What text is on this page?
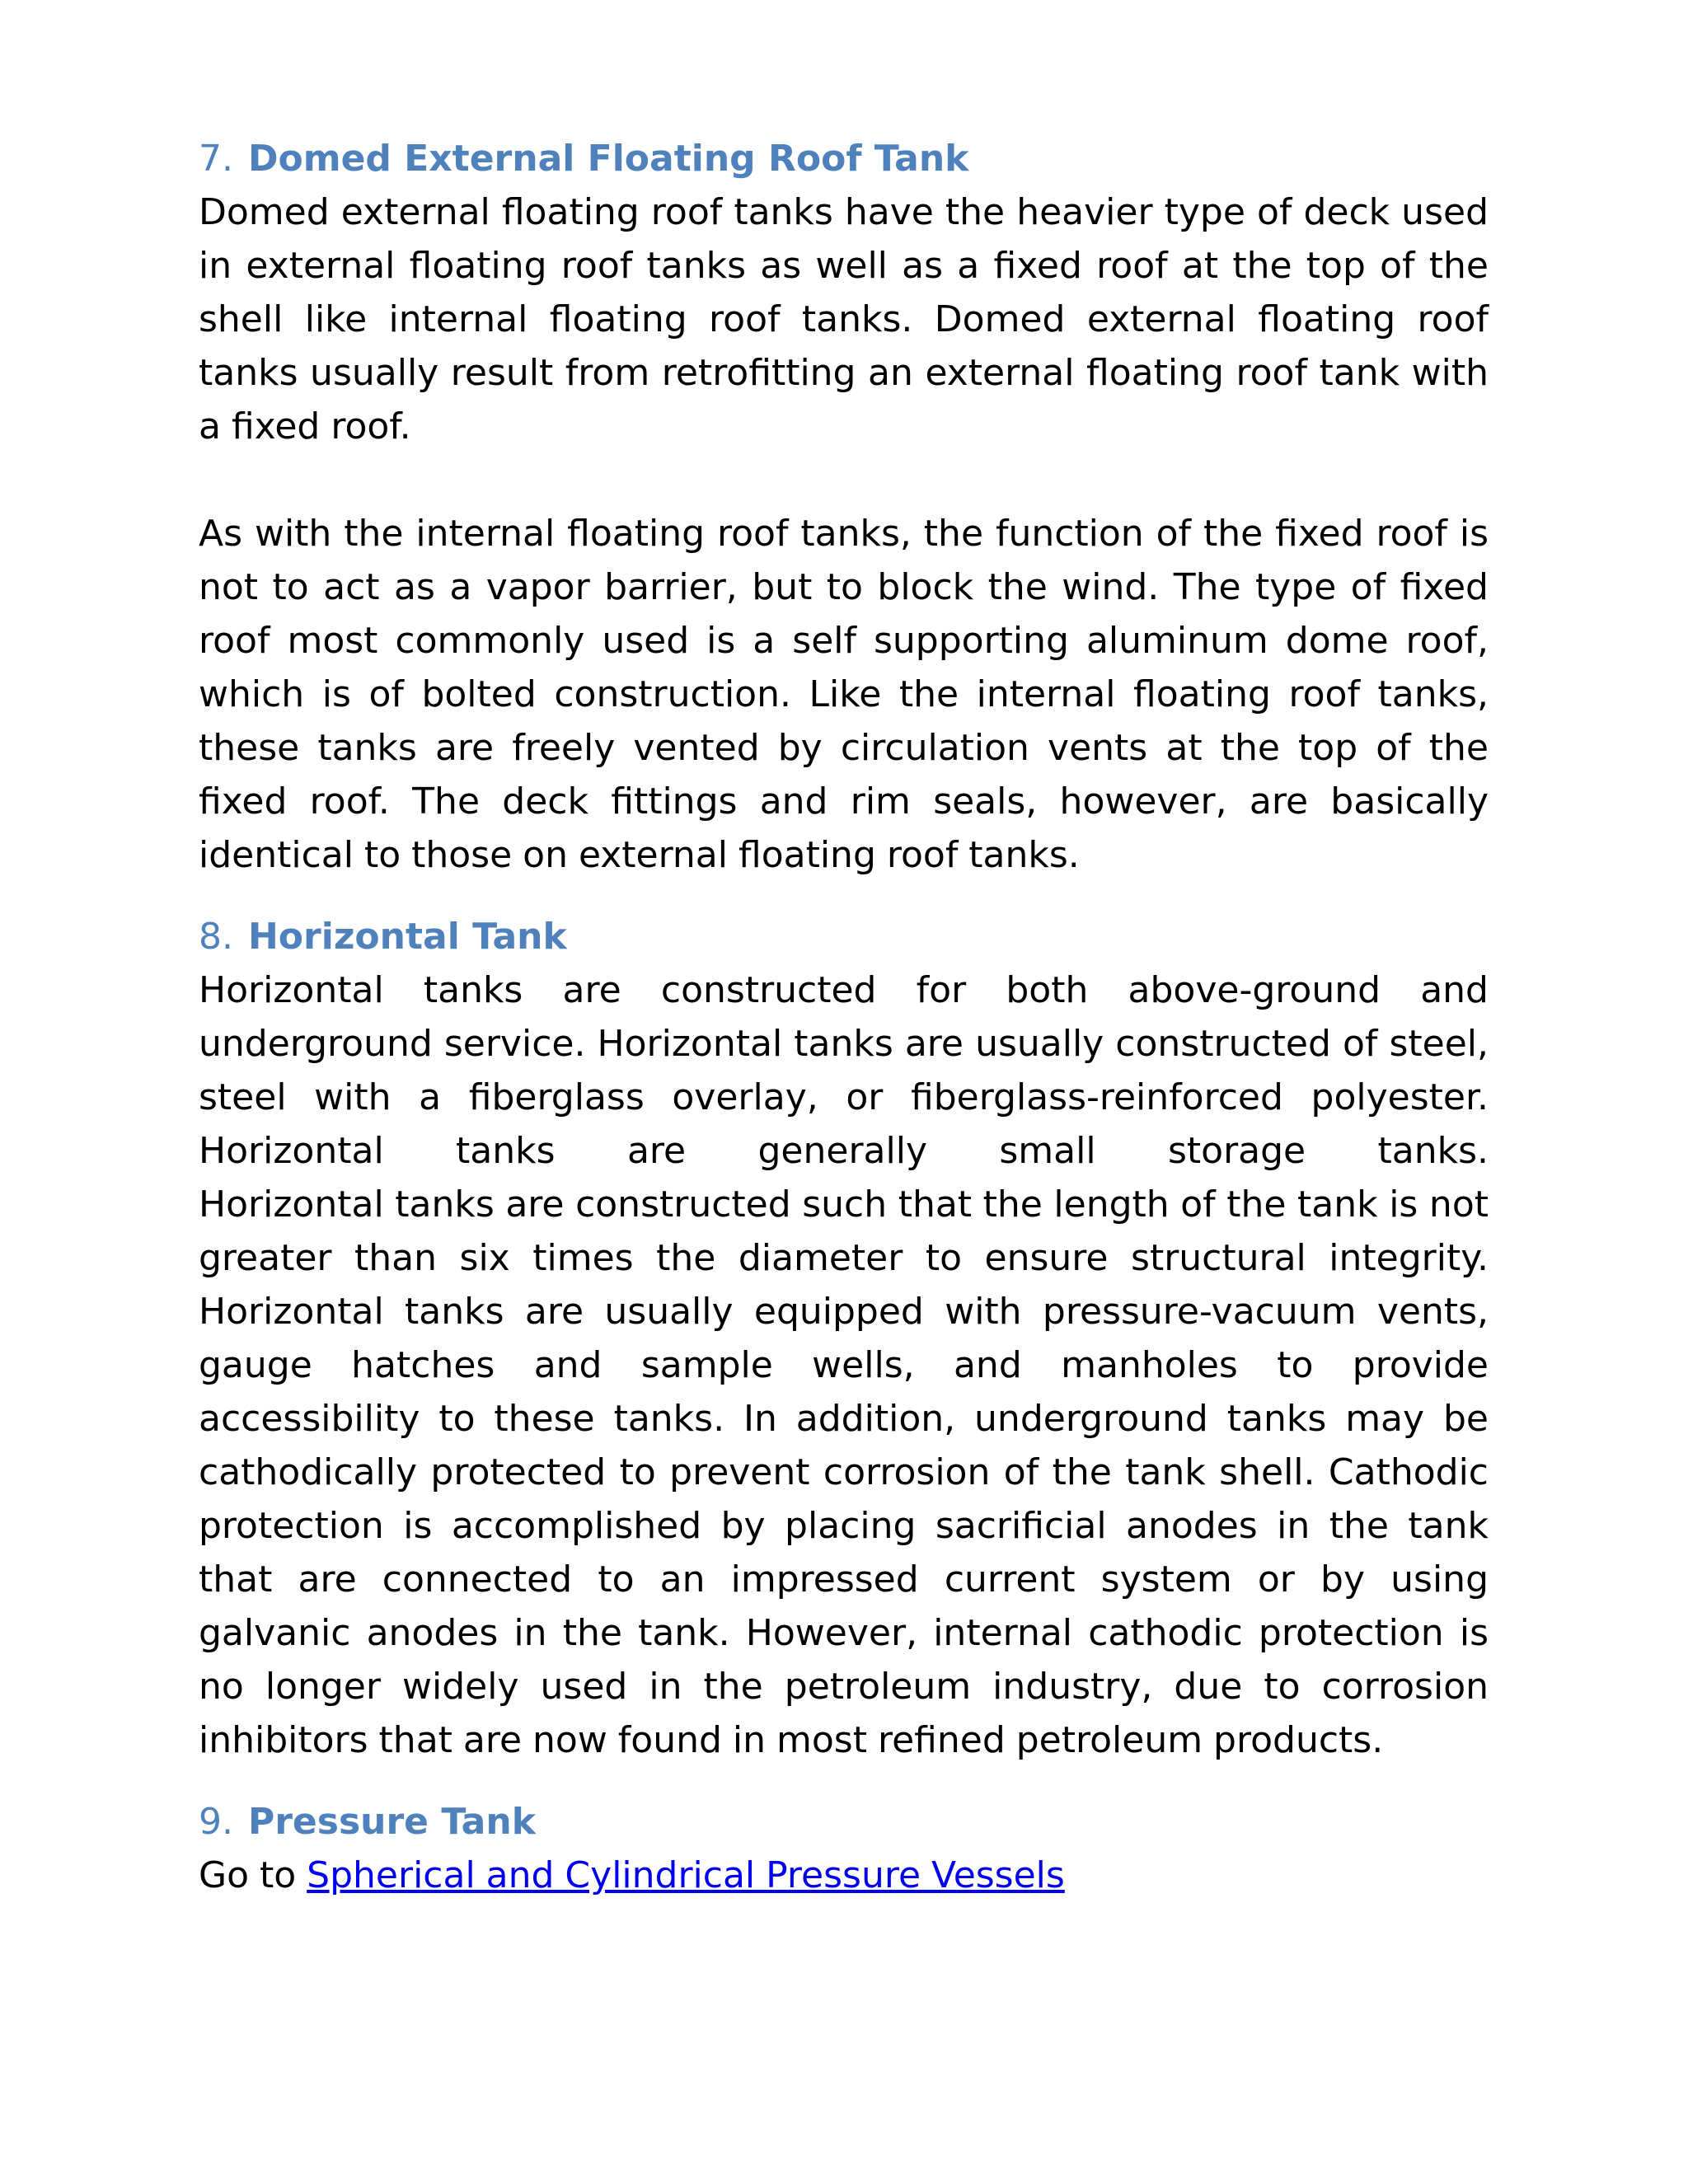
7. Domed External Floating Roof Tank

Domed external floating roof tanks have the heavier type of deck used in external floating roof tanks as well as a fixed roof at the top of the shell like internal floating roof tanks. Domed external floating roof tanks usually result from retrofitting an external floating roof tank with a fixed roof.

As with the internal floating roof tanks, the function of the fixed roof is not to act as a vapor barrier, but to block the wind. The type of fixed roof most commonly used is a self supporting aluminum dome roof, which is of bolted construction. Like the internal floating roof tanks, these tanks are freely vented by circulation vents at the top of the fixed roof. The deck fittings and rim seals, however, are basically identical to those on external floating roof tanks.

8. Horizontal Tank

Horizontal tanks are constructed for both above-ground and underground service. Horizontal tanks are usually constructed of steel, steel with a fiberglass overlay, or fiberglass-reinforced polyester. Horizontal tanks are generally small storage tanks.

Horizontal tanks are constructed such that the length of the tank is not greater than six times the diameter to ensure structural integrity. Horizontal tanks are usually equipped with pressure-vacuum vents, gauge hatches and sample wells, and manholes to provide accessibility to these tanks. In addition, underground tanks may be cathodically protected to prevent corrosion of the tank shell. Cathodic protection is accomplished by placing sacrificial anodes in the tank that are connected to an impressed current system or by using galvanic anodes in the tank. However, internal cathodic protection is no longer widely used in the petroleum industry, due to corrosion inhibitors that are now found in most refined petroleum products.

9. Pressure Tank

Go to Spherical and Cylindrical Pressure Vessels
